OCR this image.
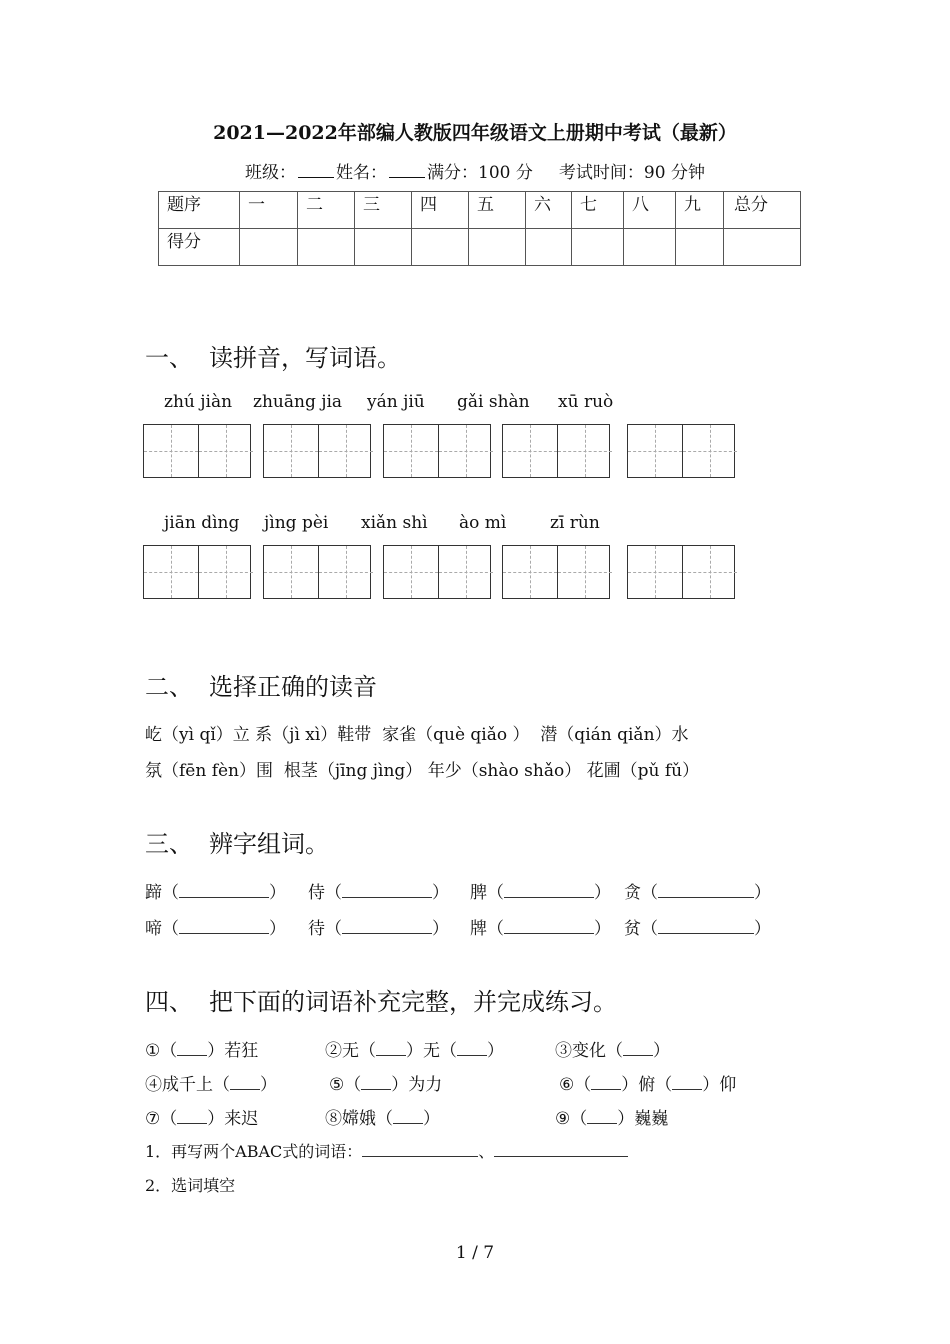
2021—2022年部编人教版四年级语文上册期中考试（最新）
班级： 姓名： 满分：100 分 考试时间：90 分钟
题序	一	二	三	四	五	六	七	八	九	总分
得分										
一、 读拼音，写词语。
zhú jiàn zhuāng jia yán jiū gǎi shàn xū ruò
jiān dìng jìng pèi xiǎn shì ào mì	zī rùn
二、 选择正确的读音
屹（yì qǐ）立 系（jì xì）鞋带  家雀（què qiǎo ）  潜（qián qiǎn）水
氛（fēn fèn）围  根茎（jīng jìng） 年少（shào shǎo） 花圃（pǔ fǔ）
三、 辨字组词。
蹄（	） 侍（	） 脾（	） 贪（	）
啼（	） 待（	） 牌（	） 贫（	）
四、 把下面的词语补充完整，并完成练习。
①（ ）若狂	②无（ ）无（ ）	③变化（ ）
④成千上（ ）	⑤（ ）为力	⑥（ ）俯（ ）仰
⑦（ ）来迟	⑧嫦娥（ ）	⑨（ ）巍巍
1．再写两个ABAC式的词语：	、
2．选词填空
1 / 7
